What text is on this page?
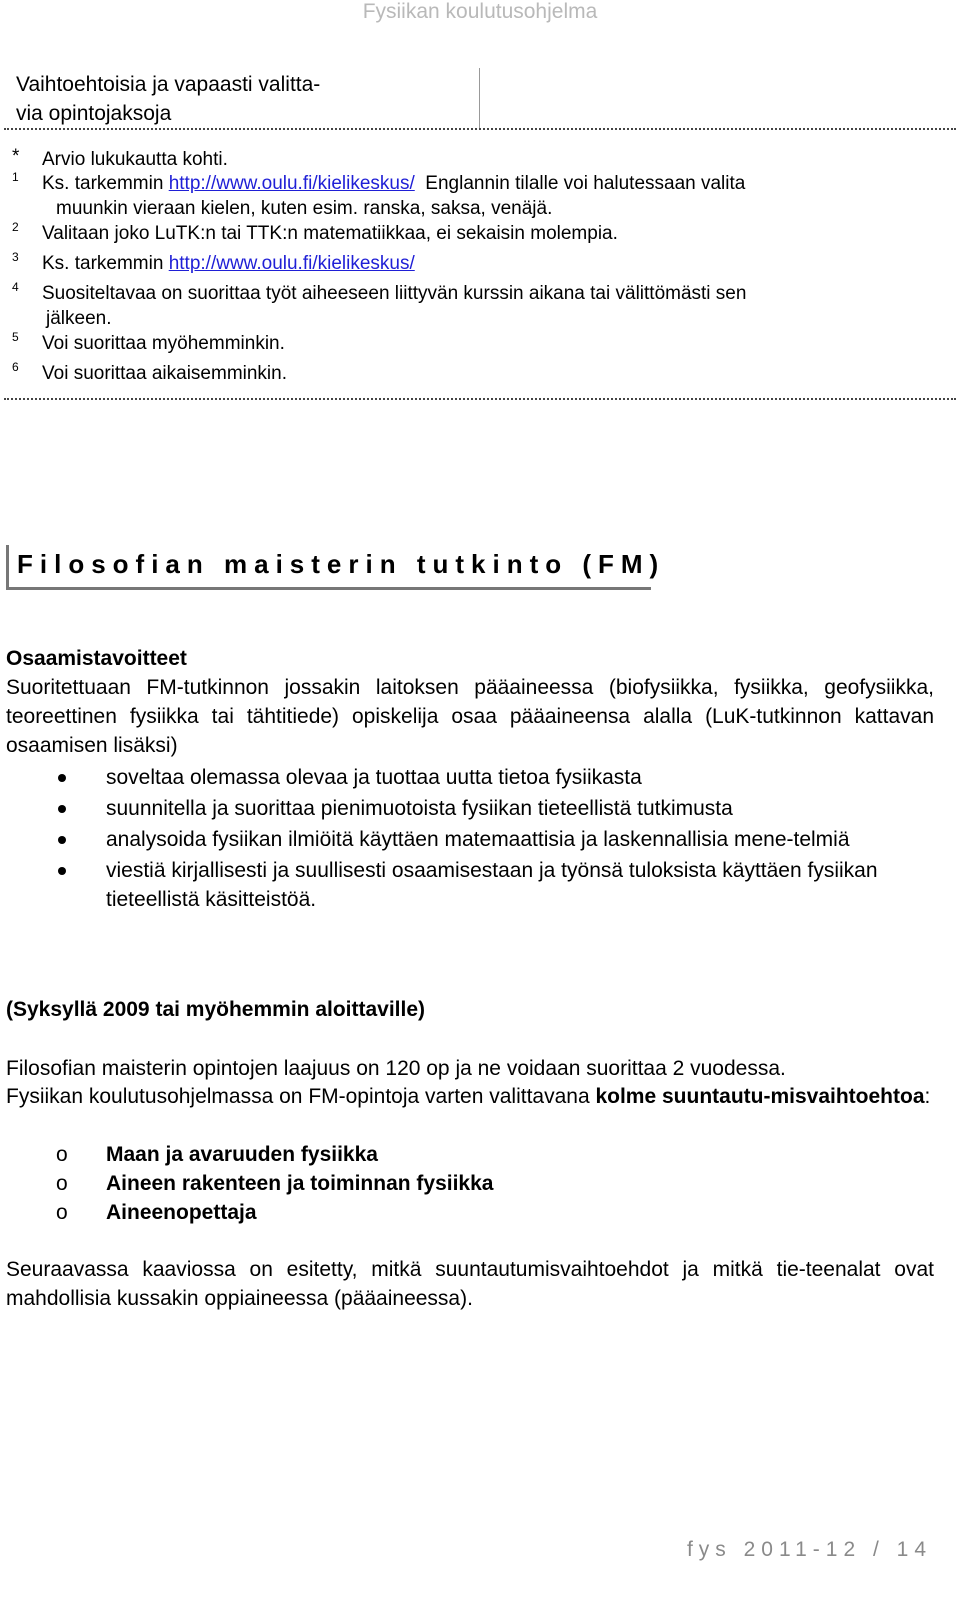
Fysiikan koulutusohjelma
Vaihtoehtoisia ja vapaasti valitta-
via opintojaksoja
* Arvio lukukautta kohti.
1 Ks. tarkemmin http://www.oulu.fi/kielikeskus/  Englannin tilalle voi halutessaan valita
muunkin vieraan kielen, kuten esim. ranska, saksa, venäjä.
2 Valitaan joko LuTK:n tai TTK:n matematiikkaa, ei sekaisin molempia.
3 Ks. tarkemmin http://www.oulu.fi/kielikeskus/
4 Suositeltavaa on suorittaa työt aiheeseen liittyvän kurssin aikana tai välittömästi sen
jälkeen.
5 Voi suorittaa myöhemminkin.
6 Voi suorittaa aikaisemminkin.
Filosofian maisterin tutkinto (FM)
Osaamistavoitteet
Suoritettuaan FM-tutkinnon jossakin laitoksen pääaineessa (biofysiikka, fysiikka, geofysiikka, teoreettinen fysiikka tai tähtitiede) opiskelija osaa pääaineensa alalla (LuK-tutkinnon kattavan osaamisen lisäksi)
soveltaa olemassa olevaa ja tuottaa uutta tietoa fysiikasta
suunnitella ja suorittaa pienimuotoista fysiikan tieteellistä tutkimusta
analysoida fysiikan ilmiöitä käyttäen matemaattisia ja laskennallisia mene-telmiä
viestiä kirjallisesti ja suullisesti osaamisestaan ja työnsä tuloksista käyttäen fysiikan tieteellistä käsitteistöä.
(Syksyllä 2009 tai myöhemmin aloittaville)
Filosofian maisterin opintojen laajuus on 120 op ja ne voidaan suorittaa 2 vuodessa.
Fysiikan koulutusohjelmassa on FM-opintoja varten valittavana kolme suuntautu-misvaihtoehtoa:
o Maan ja avaruuden fysiikka
o Aineen rakenteen ja toiminnan fysiikka
o Aineenopettaja
Seuraavassa kaaviossa on esitetty, mitkä suuntautumisvaihtoehdot ja mitkä tie-teenalat ovat mahdollisia kussakin oppiaineessa (pääaineessa).
fys 2011-12 / 14
